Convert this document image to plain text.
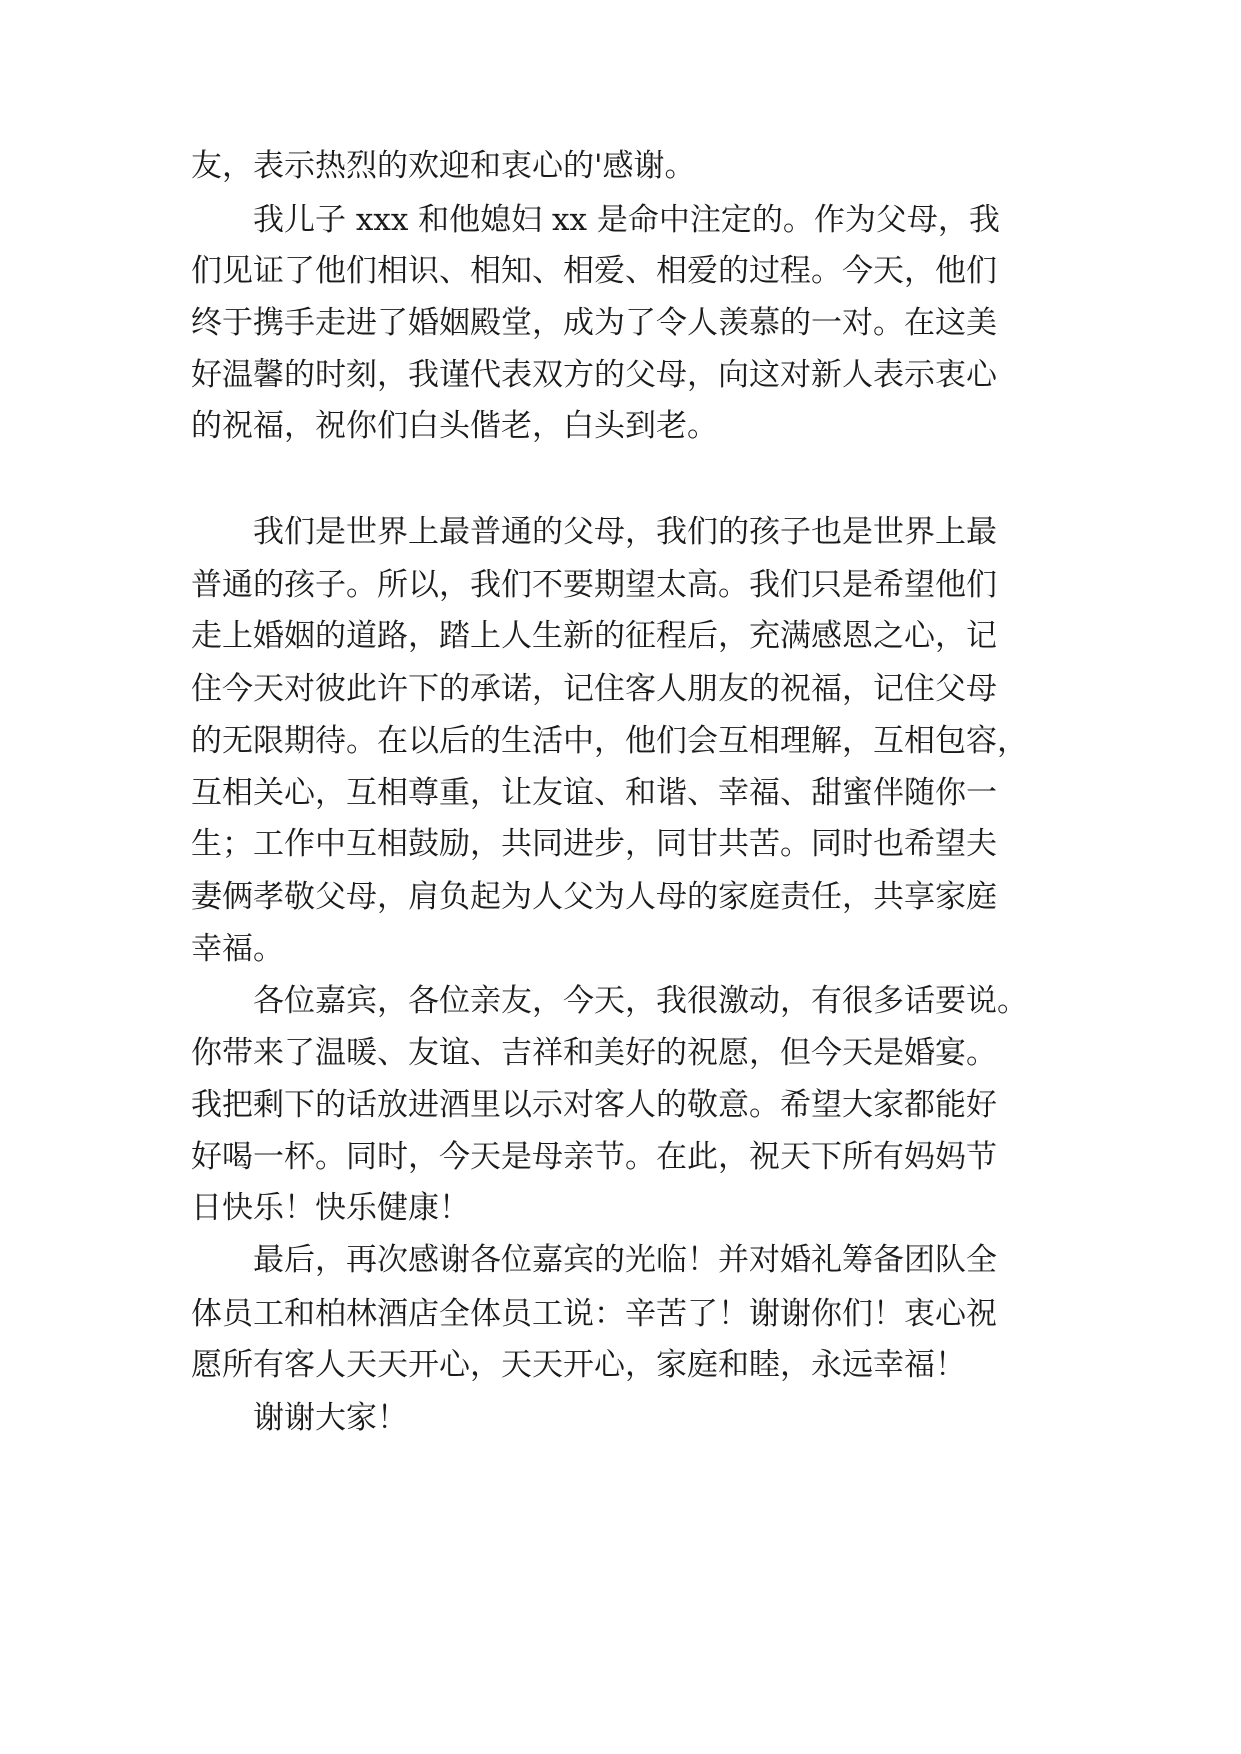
友，表示热烈的欢迎和衷心的'感谢。
我儿子 xxx 和他媳妇 xx 是命中注定的。作为父母，我
们见证了他们相识、相知、相爱、相爱的过程。今天，他们
终于携手走进了婚姻殿堂，成为了令人羡慕的一对。在这美
好温馨的时刻，我谨代表双方的父母，向这对新人表示衷心
的祝福，祝你们白头偕老，白头到老。
我们是世界上最普通的父母，我们的孩子也是世界上最
普通的孩子。所以，我们不要期望太高。我们只是希望他们
走上婚姻的道路，踏上人生新的征程后，充满感恩之心，记
住今天对彼此许下的承诺，记住客人朋友的祝福，记住父母
的无限期待。在以后的生活中，他们会互相理解，互相包容，
互相关心，互相尊重，让友谊、和谐、幸福、甜蜜伴随你一
生；工作中互相鼓励，共同进步，同甘共苦。同时也希望夫
妻俩孝敬父母，肩负起为人父为人母的家庭责任，共享家庭
幸福。
各位嘉宾，各位亲友，今天，我很激动，有很多话要说。
你带来了温暖、友谊、吉祥和美好的祝愿，但今天是婚宴。
我把剩下的话放进酒里以示对客人的敬意。希望大家都能好
好喝一杯。同时，今天是母亲节。在此，祝天下所有妈妈节
日快乐！快乐健康！
最后，再次感谢各位嘉宾的光临！并对婚礼筹备团队全
体员工和柏林酒店全体员工说：辛苦了！谢谢你们！衷心祝
愿所有客人天天开心，天天开心，家庭和睦，永远幸福！
谢谢大家！
